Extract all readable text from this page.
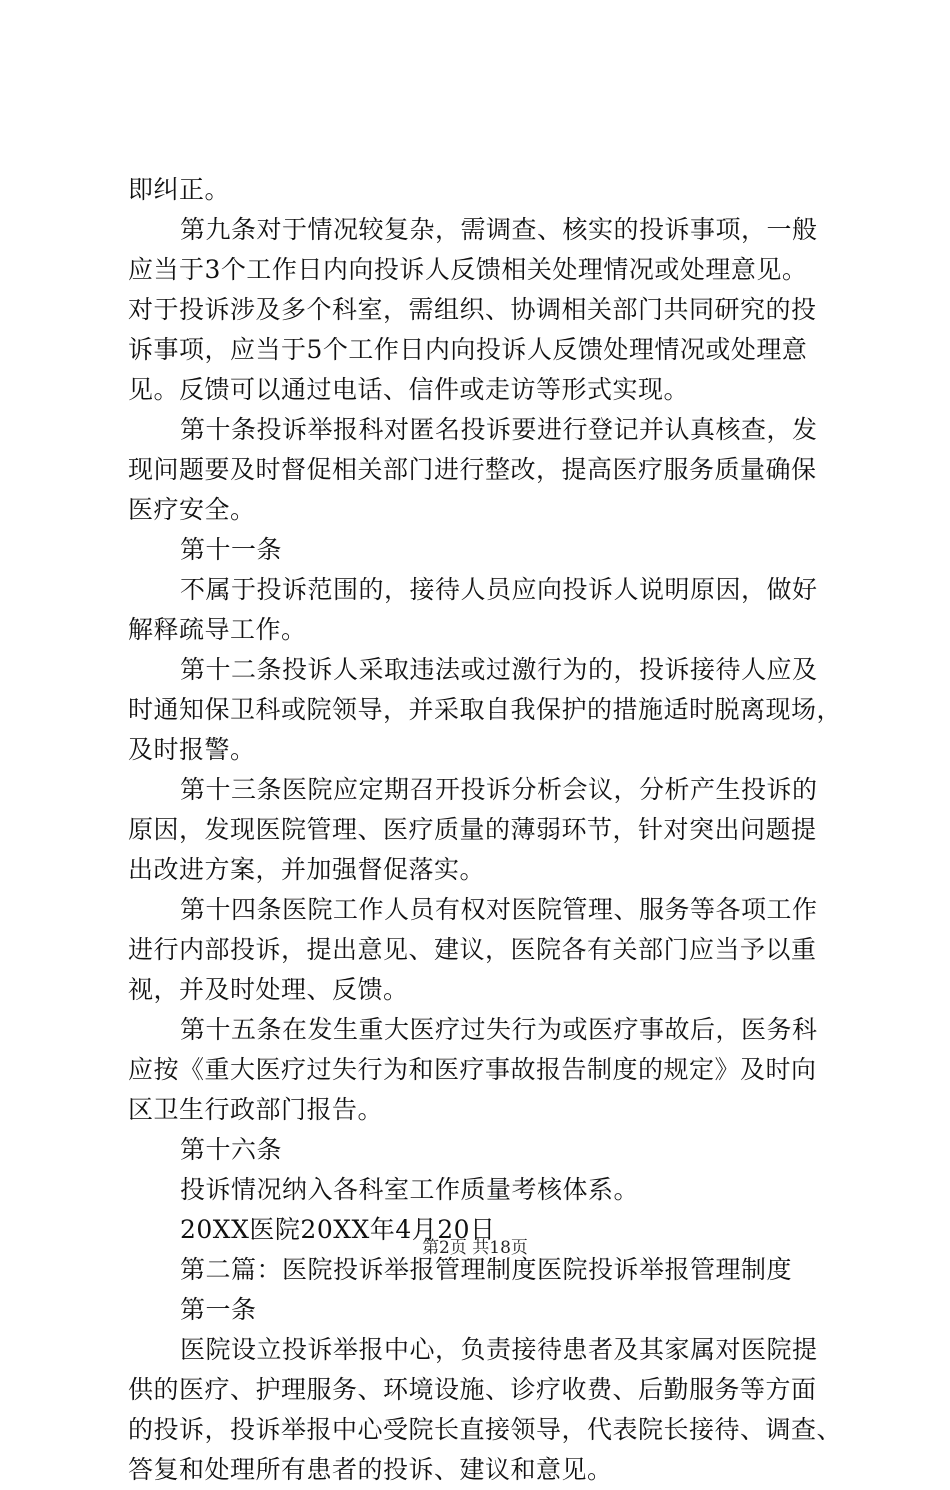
即纠正。
第九条对于情况较复杂，需调查、核实的投诉事项，一般
应当于3个工作日内向投诉人反馈相关处理情况或处理意见。
对于投诉涉及多个科室，需组织、协调相关部门共同研究的投
诉事项，应当于5个工作日内向投诉人反馈处理情况或处理意
见。反馈可以通过电话、信件或走访等形式实现。
第十条投诉举报科对匿名投诉要进行登记并认真核查，发
现问题要及时督促相关部门进行整改，提高医疗服务质量确保
医疗安全。
第十一条
不属于投诉范围的，接待人员应向投诉人说明原因，做好
解释疏导工作。
第十二条投诉人采取违法或过激行为的，投诉接待人应及
时通知保卫科或院领导，并采取自我保护的措施适时脱离现场，
及时报警。
第十三条医院应定期召开投诉分析会议，分析产生投诉的
原因，发现医院管理、医疗质量的薄弱环节，针对突出问题提
出改进方案，并加强督促落实。
第十四条医院工作人员有权对医院管理、服务等各项工作
进行内部投诉，提出意见、建议，医院各有关部门应当予以重
视，并及时处理、反馈。
第十五条在发生重大医疗过失行为或医疗事故后，医务科
应按《重大医疗过失行为和医疗事故报告制度的规定》及时向
区卫生行政部门报告。
第十六条
投诉情况纳入各科室工作质量考核体系。
20XX医院20XX年4月20日
第二篇：医院投诉举报管理制度医院投诉举报管理制度
第一条
医院设立投诉举报中心，负责接待患者及其家属对医院提
供的医疗、护理服务、环境设施、诊疗收费、后勤服务等方面
的投诉，投诉举报中心受院长直接领导，代表院长接待、调查、
答复和处理所有患者的投诉、建议和意见。
第2页 共18页
